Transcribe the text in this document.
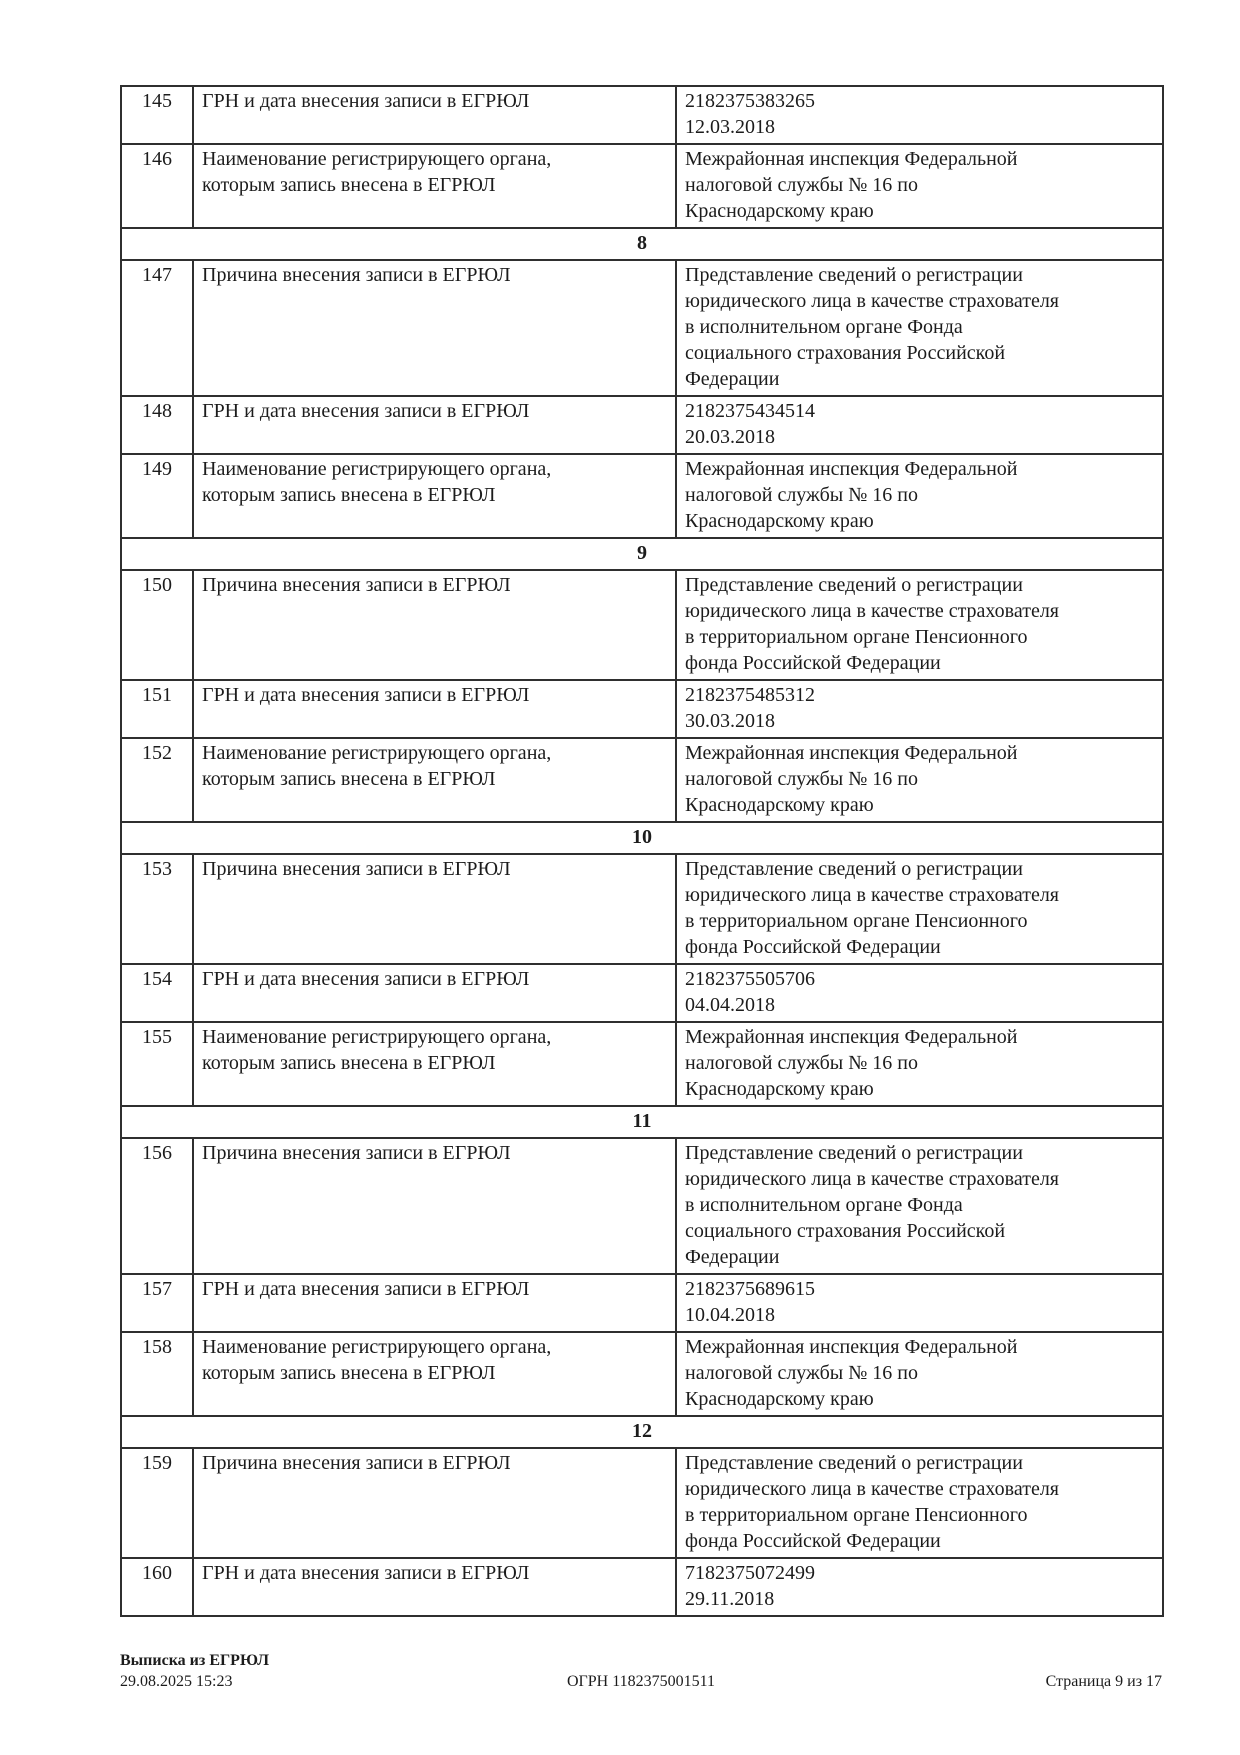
145	ГРН и дата внесения записи в ЕГРЮЛ	2182375383265
12.03.2018

146	Наименование регистрирующего органа,
которым запись внесена в ЕГРЮЛ	Межрайонная инспекция Федеральной
налоговой службы № 16 по
Краснодарскому краю

8		
147	Причина внесения записи в ЕГРЮЛ	Представление сведений о регистрации
юридического лица в качестве страхователя
в исполнительном органе Фонда
социального страхования Российской
Федерации

148	ГРН и дата внесения записи в ЕГРЮЛ	2182375434514
20.03.2018

149	Наименование регистрирующего органа,
которым запись внесена в ЕГРЮЛ	Межрайонная инспекция Федеральной
налоговой службы № 16 по
Краснодарскому краю

9		
150	Причина внесения записи в ЕГРЮЛ	Представление сведений о регистрации
юридического лица в качестве страхователя
в территориальном органе Пенсионного
фонда Российской Федерации

151	ГРН и дата внесения записи в ЕГРЮЛ	2182375485312
30.03.2018

152	Наименование регистрирующего органа,
которым запись внесена в ЕГРЮЛ	Межрайонная инспекция Федеральной
налоговой службы № 16 по
Краснодарскому краю

10		
153	Причина внесения записи в ЕГРЮЛ	Представление сведений о регистрации
юридического лица в качестве страхователя
в территориальном органе Пенсионного
фонда Российской Федерации

154	ГРН и дата внесения записи в ЕГРЮЛ	2182375505706
04.04.2018

155	Наименование регистрирующего органа,
которым запись внесена в ЕГРЮЛ	Межрайонная инспекция Федеральной
налоговой службы № 16 по
Краснодарскому краю

11		
156	Причина внесения записи в ЕГРЮЛ	Представление сведений о регистрации
юридического лица в качестве страхователя
в исполнительном органе Фонда
социального страхования Российской
Федерации

157	ГРН и дата внесения записи в ЕГРЮЛ	2182375689615
10.04.2018

158	Наименование регистрирующего органа,
которым запись внесена в ЕГРЮЛ	Межрайонная инспекция Федеральной
налоговой службы № 16 по
Краснодарскому краю

12		
159	Причина внесения записи в ЕГРЮЛ	Представление сведений о регистрации
юридического лица в качестве страхователя
в территориальном органе Пенсионного
фонда Российской Федерации

160	ГРН и дата внесения записи в ЕГРЮЛ	7182375072499
29.11.2018
Выписка из ЕГРЮЛ
29.08.2025 15:23	ОГРН 1182375001511	Страница 9 из 17
